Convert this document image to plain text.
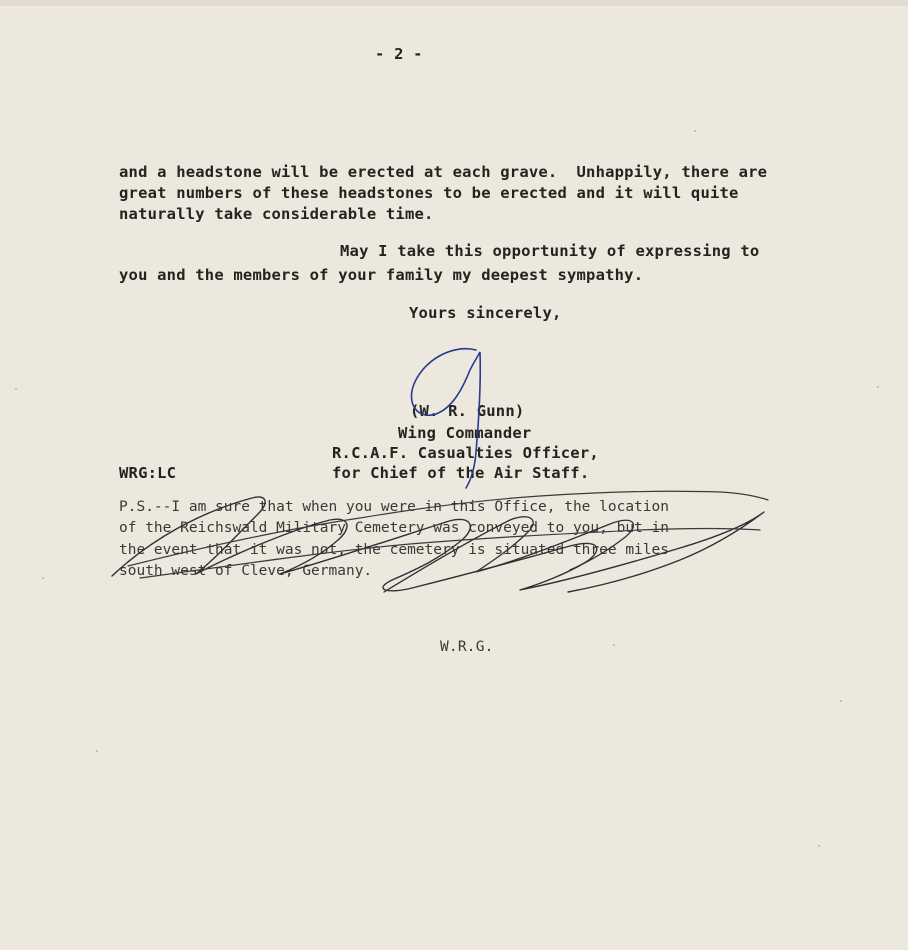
- 2 -
and a headstone will be erected at each grave.  Unhappily, there are
great numbers of these headstones to be erected and it will quite
naturally take considerable time.
May I take this opportunity of expressing to
you and the members of your family my deepest sympathy.
Yours sincerely,
(W. R. Gunn)
Wing Commander
R.C.A.F. Casualties Officer,
for Chief of the Air Staff.
WRG:LC
P.S.--I am sure that when you were in this Office, the location
of the Reichswald Military Cemetery was conveyed to you, but in
the event that it was not, the cemetery is situated three miles
south west of Cleve, Germany.
W.R.G.
